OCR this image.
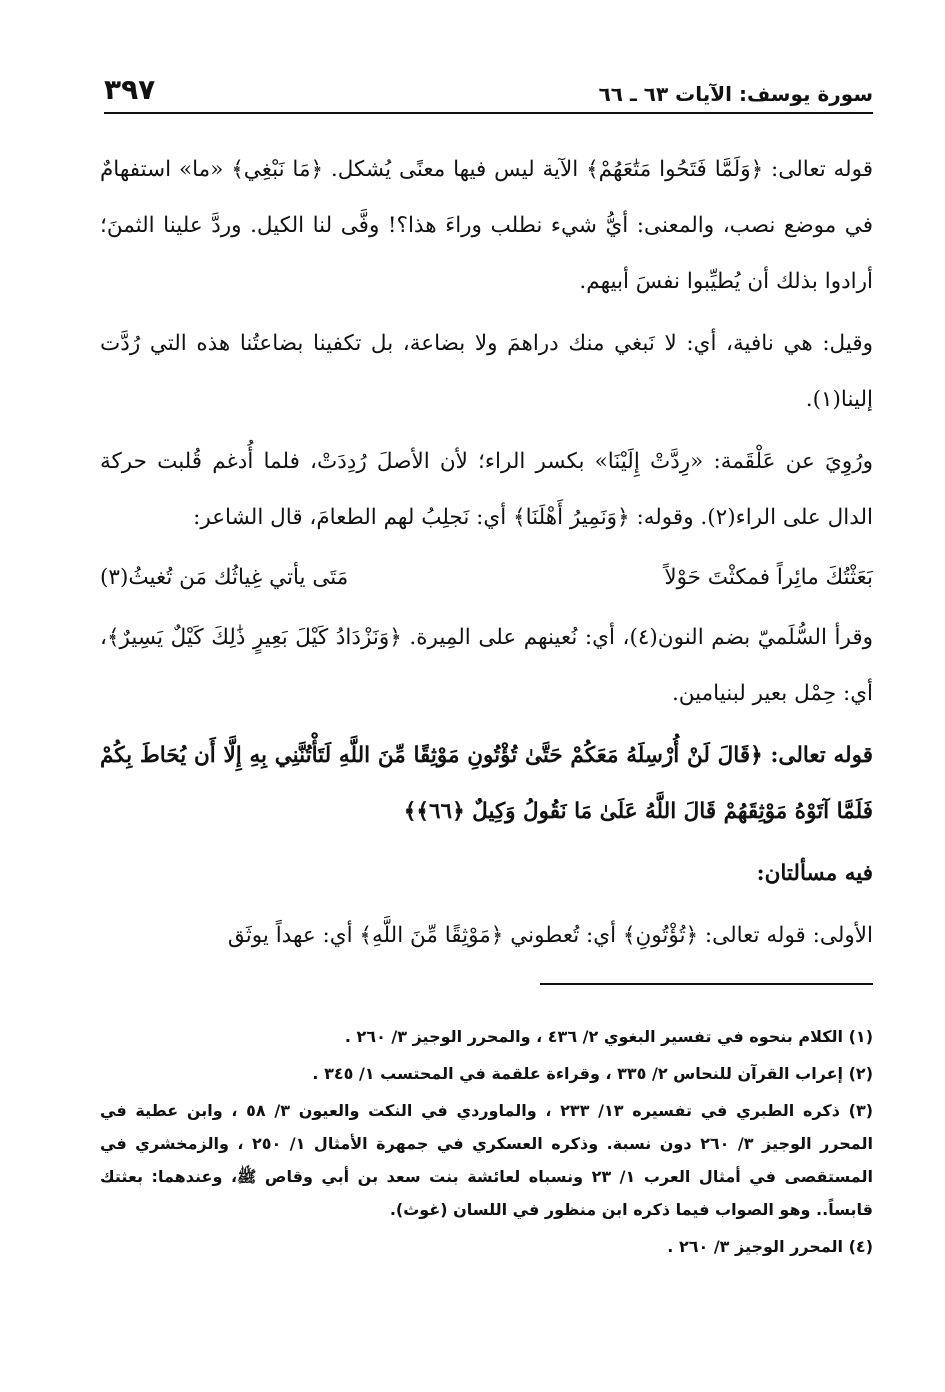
سورة يوسف: الآيات ٦٣ ـ ٦٦
٣٩٧

قوله تعالى: ﴿وَلَمَّا فَتَحُوا مَتَٰعَهُمْ﴾ الآية ليس فيها معنًى يُشكل. ﴿مَا نَبْغِي﴾ «ما» استفهامٌ في موضع نصب، والمعنى: أيُّ شيء نطلب وراءَ هذا؟! وفَّى لنا الكيل. وردَّ علينا الثمنَ؛ أرادوا بذلك أن يُطيِّبوا نفسَ أبيهم.

وقيل: هي نافية، أي: لا نَبغي منك دراهمَ ولا بضاعة، بل تكفينا بضاعتُنا هذه التي رُدَّت إلينا(١).

ورُوِيَ عن عَلْقَمة: «رِدَّتْ إِلَيْنَا» بكسر الراء؛ لأن الأصلَ رُدِدَتْ، فلما أُدغم قُلبت حركة الدال على الراء(٢). وقوله: ﴿وَنَمِيرُ أَهْلَنَا﴾ أي: نَجلِبُ لهم الطعامَ، قال الشاعر:

بَعَثْتُكَ مائِراً فمكثْتَ حَوْلاً
مَتَى يأتي غِياثُك مَن تُغيثُ(٣)

وقرأ السُّلَميّ بضم النون(٤)، أي: نُعينهم على المِيرة. ﴿وَنَزْدَادُ كَيْلَ بَعِيرٍ ذَٰلِكَ كَيْلٌ يَسِيرٌ﴾، أي: حِمْل بعير لبنيامين.

قوله تعالى: ﴿قَالَ لَنْ أُرْسِلَهُ مَعَكُمْ حَتَّىٰ تُؤْتُونِ مَوْثِقًا مِّنَ اللَّهِ لَتَأْتُنَّنِي بِهِ إِلَّا أَن يُحَاطَ بِكُمْ فَلَمَّا آتَوْهُ مَوْثِقَهُمْ قَالَ اللَّهُ عَلَىٰ مَا نَقُولُ وَكِيلٌ ﴿٦٦﴾﴾

فيه مسألتان:

الأولى: قوله تعالى: ﴿تُؤْتُونِ﴾ أي: تُعطوني ﴿مَوْثِقًا مِّنَ اللَّهِ﴾ أي: عهداً يوثَق

(١) الكلام بنحوه في تفسير البغوي ٢/ ٤٣٦ ، والمحرر الوجيز ٣/ ٢٦٠ .

(٢) إعراب القرآن للنحاس ٢/ ٣٣٥ ، وقراءة علقمة في المحتسب ١/ ٣٤٥ .

(٣) ذكره الطبري في تفسيره ١٣/ ٢٣٣ ، والماوردي في النكت والعيون ٣/ ٥٨ ، وابن عطية في المحرر الوجيز ٣/ ٢٦٠ دون نسبة. وذكره العسكري في جمهرة الأمثال ١/ ٢٥٠ ، والزمخشري في المستقصى في أمثال العرب ١/ ٢٣ ونسباه لعائشة بنت سعد بن أبي وقاص ﷺ، وعندهما: بعثتك قابساً.. وهو الصواب فيما ذكره ابن منظور في اللسان (غوث).

(٤) المحرر الوجيز ٣/ ٢٦٠ .
